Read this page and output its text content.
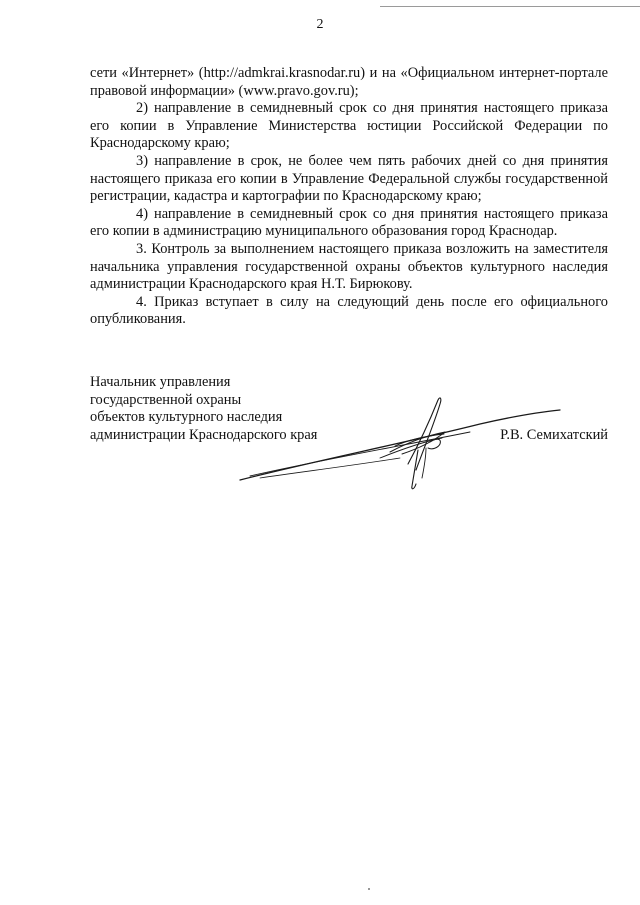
2

сети «Интернет» (http://admkrai.krasnodar.ru) и на «Официальном интернет-портале правовой информации» (www.pravo.gov.ru);

2) направление в семидневный срок со дня принятия настоящего приказа его копии в Управление Министерства юстиции Российской Федерации по Краснодарскому краю;

3) направление в срок, не более чем пять рабочих дней со дня принятия настоящего приказа его копии в Управление Федеральной службы государственной регистрации, кадастра и картографии по Краснодарскому краю;

4) направление в семидневный срок со дня принятия настоящего приказа его копии в администрацию муниципального образования город Краснодар.

3. Контроль за выполнением настоящего приказа возложить на заместителя начальника управления государственной охраны объектов культурного наследия администрации Краснодарского края Н.Т. Бирюкову.

4. Приказ вступает в силу на следующий день после его официального опубликования.

Начальник управления
государственной охраны
объектов культурного наследия
администрации Краснодарского края	Р.В. Семихатский
